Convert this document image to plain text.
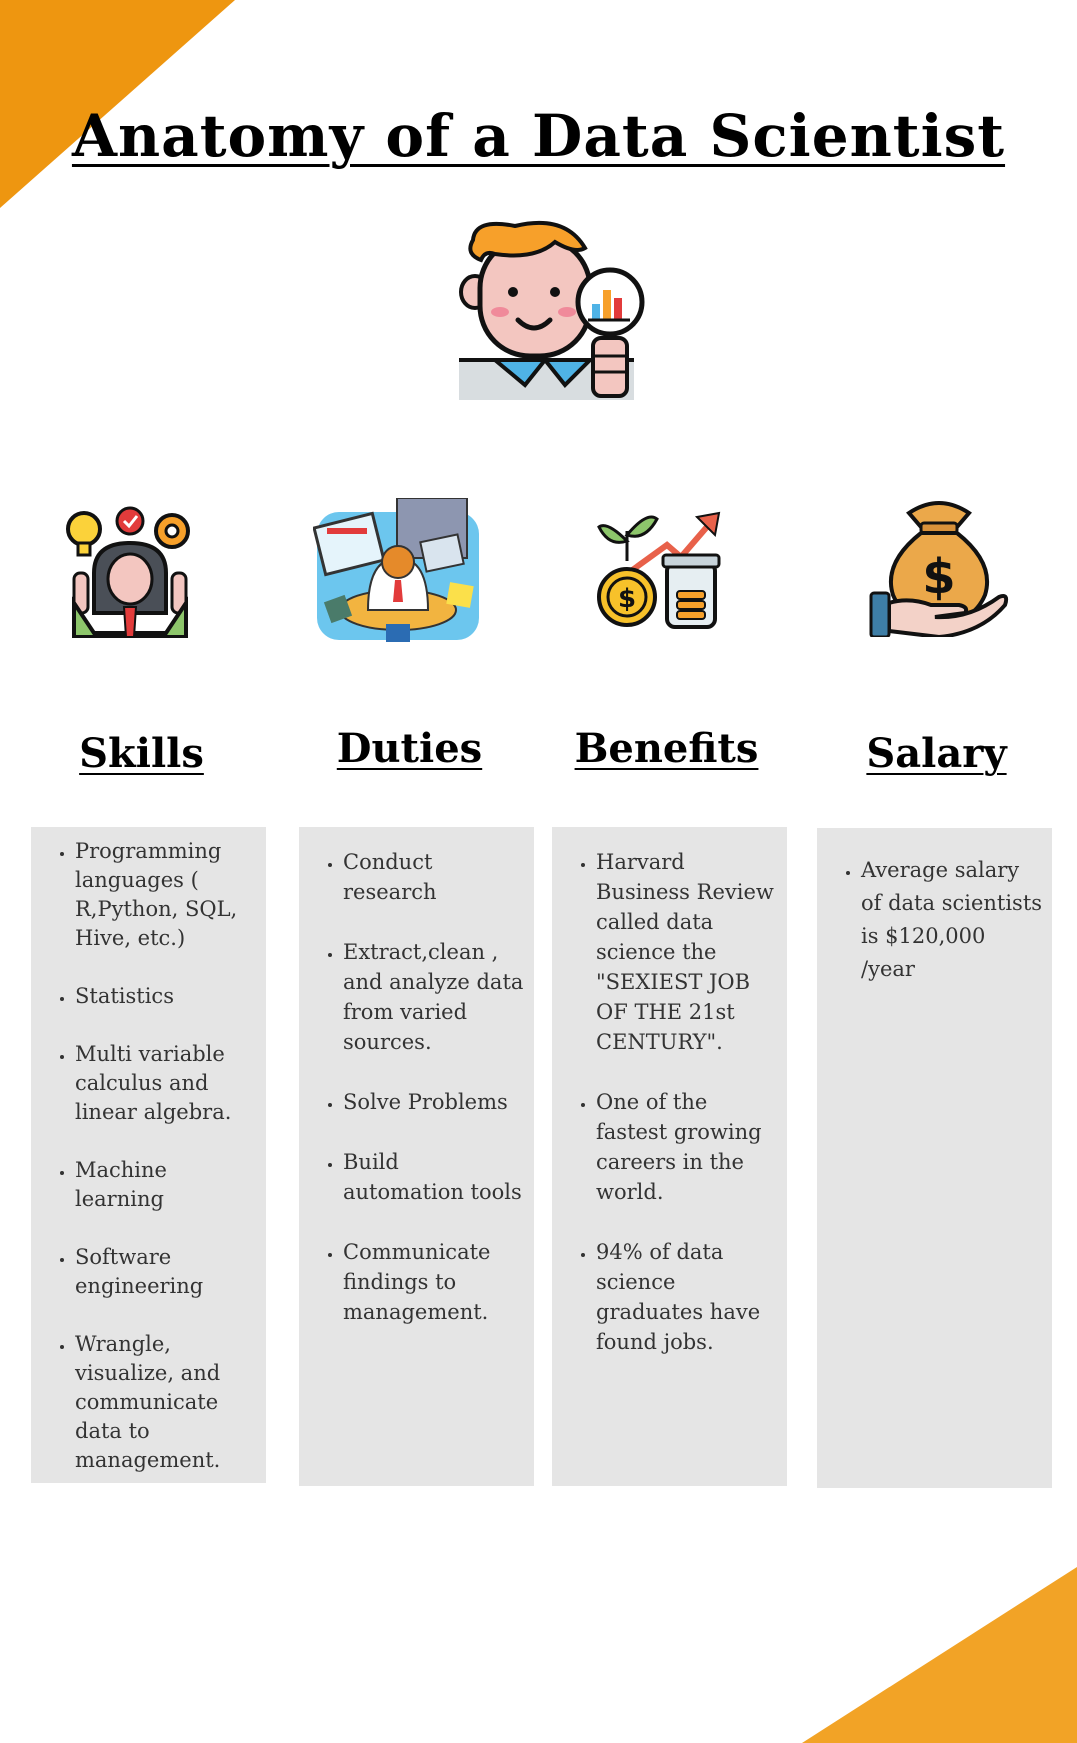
Anatomy of a Data Scientist
$	$
Skills	Duties	Benefits	Salary
• Programming languages ( R,Python, SQL, Hive, etc.)
• Statistics
• Multi variable calculus and linear algebra.
• Machine learning
• Software engineering
• Wrangle, visualize, and communicate data to management.
• Conduct research
• Extract,clean , and analyze data from varied sources.
• Solve Problems
• Build automation tools
• Communicate findings to management.
• Harvard Business Review called data science the "SEXIEST JOB OF THE 21st CENTURY".
• One of the fastest growing careers in the world.
• 94% of data science graduates have found jobs.
• Average salary of data scientists is $120,000 /year
